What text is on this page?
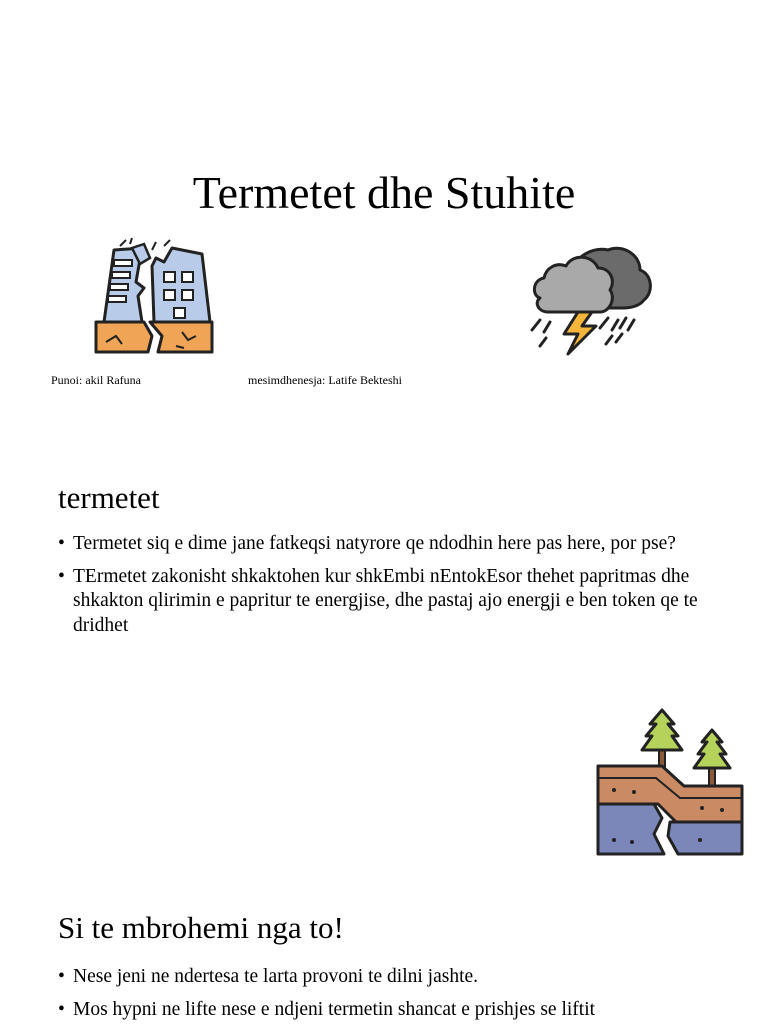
Termetet dhe Stuhite
Punoi: akil Rafuna	mesimdhenesja: Latife Bekteshi
termetet
• Termetet siq e dime jane fatkeqsi natyrore qe ndodhin here pas here, por pse?
• TErmetet zakonisht shkaktohen kur shkEmbi nEntokEsor thehet papritmas dhe shkakton qlirimin e papritur te energjise, dhe pastaj ajo energji e ben token qe te dridhet
Si te mbrohemi nga to!
• Nese jeni ne ndertesa te larta provoni te dilni jashte.
• Mos hypni ne lifte nese e ndjeni termetin shancat e prishjes se liftit
